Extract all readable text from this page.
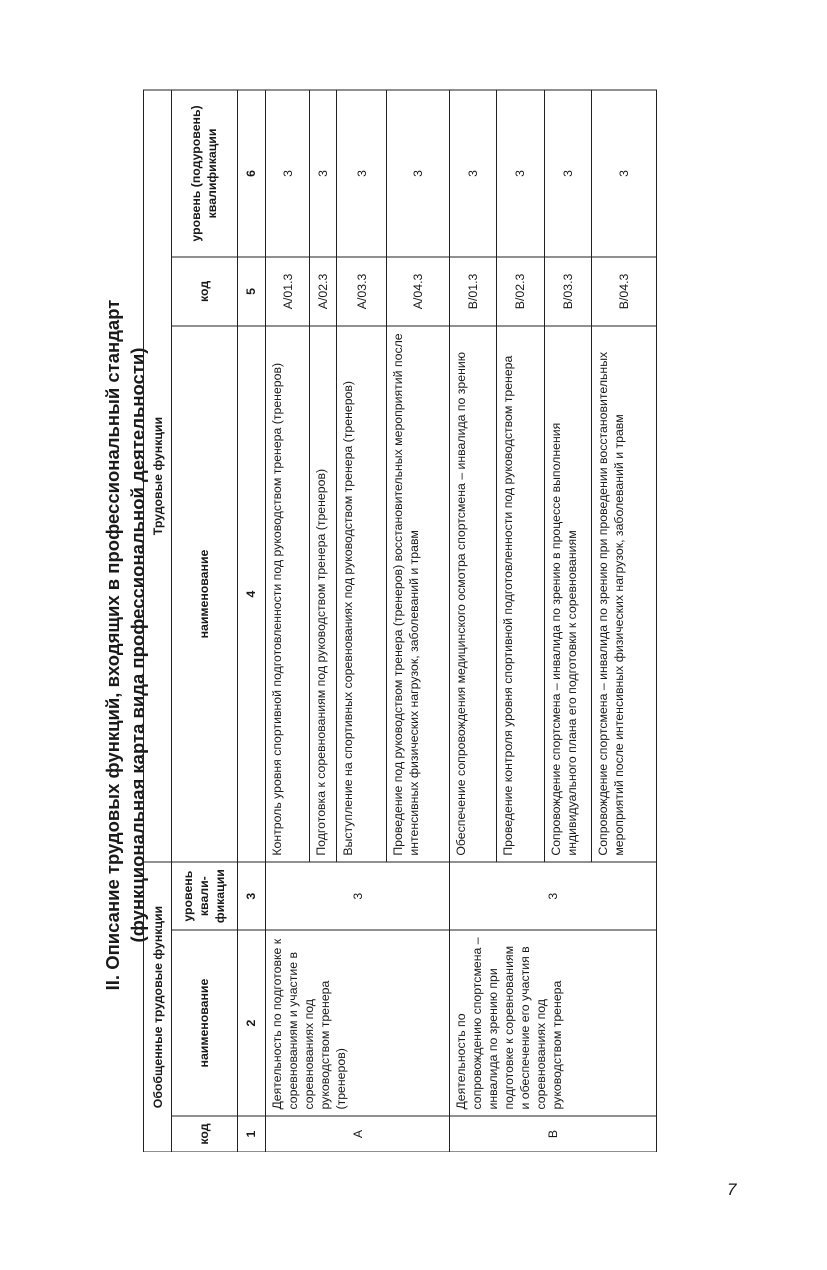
II. Описание трудовых функций, входящих в профессиональный стандарт (функциональная карта вида профессиональной деятельности)
Обобщенные трудовые функции			Трудовые функции		
код	наименование	уровень квали-фикации	наименование	код	уровень (подуровень) квалификации
1	2	3	4	5	6
А	Деятельность по подготовке к соревнованиям и участие в соревнованиях под руководством тренера (тренеров)	3	Контроль уровня спортивной подготовленности под руководством тренера (тренеров)	A/01.3	3
			Подготовка к соревнованиям под руководством тренера (тренеров)	A/02.3	3
			Выступление на спортивных соревнованиях под руководством тренера (тренеров)	A/03.3	3
			Проведение под руководством тренера (тренеров) восстановительных мероприятий после интенсивных физических нагрузок, заболеваний и травм	A/04.3	3
В	Деятельность по сопровождению спортсмена – инвалида по зрению при подготовке к соревнованиям и обеспечение его участия в соревнованиях под руководством тренера	3	Обеспечение сопровождения медицинского осмотра спортсмена – инвалида по зрению	B/01.3	3
			Проведение контроля уровня спортивной подготовленности под руководством тренера	B/02.3	3
			Сопровождение спортсмена – инвалида по зрению в процессе выполнения индивидуального плана его подготовки к соревнованиям	B/03.3	3
			Сопровождение спортсмена – инвалида по зрению при проведении восстановительных мероприятий после интенсивных физических нагрузок, заболеваний и травм	B/04.3	3
7
